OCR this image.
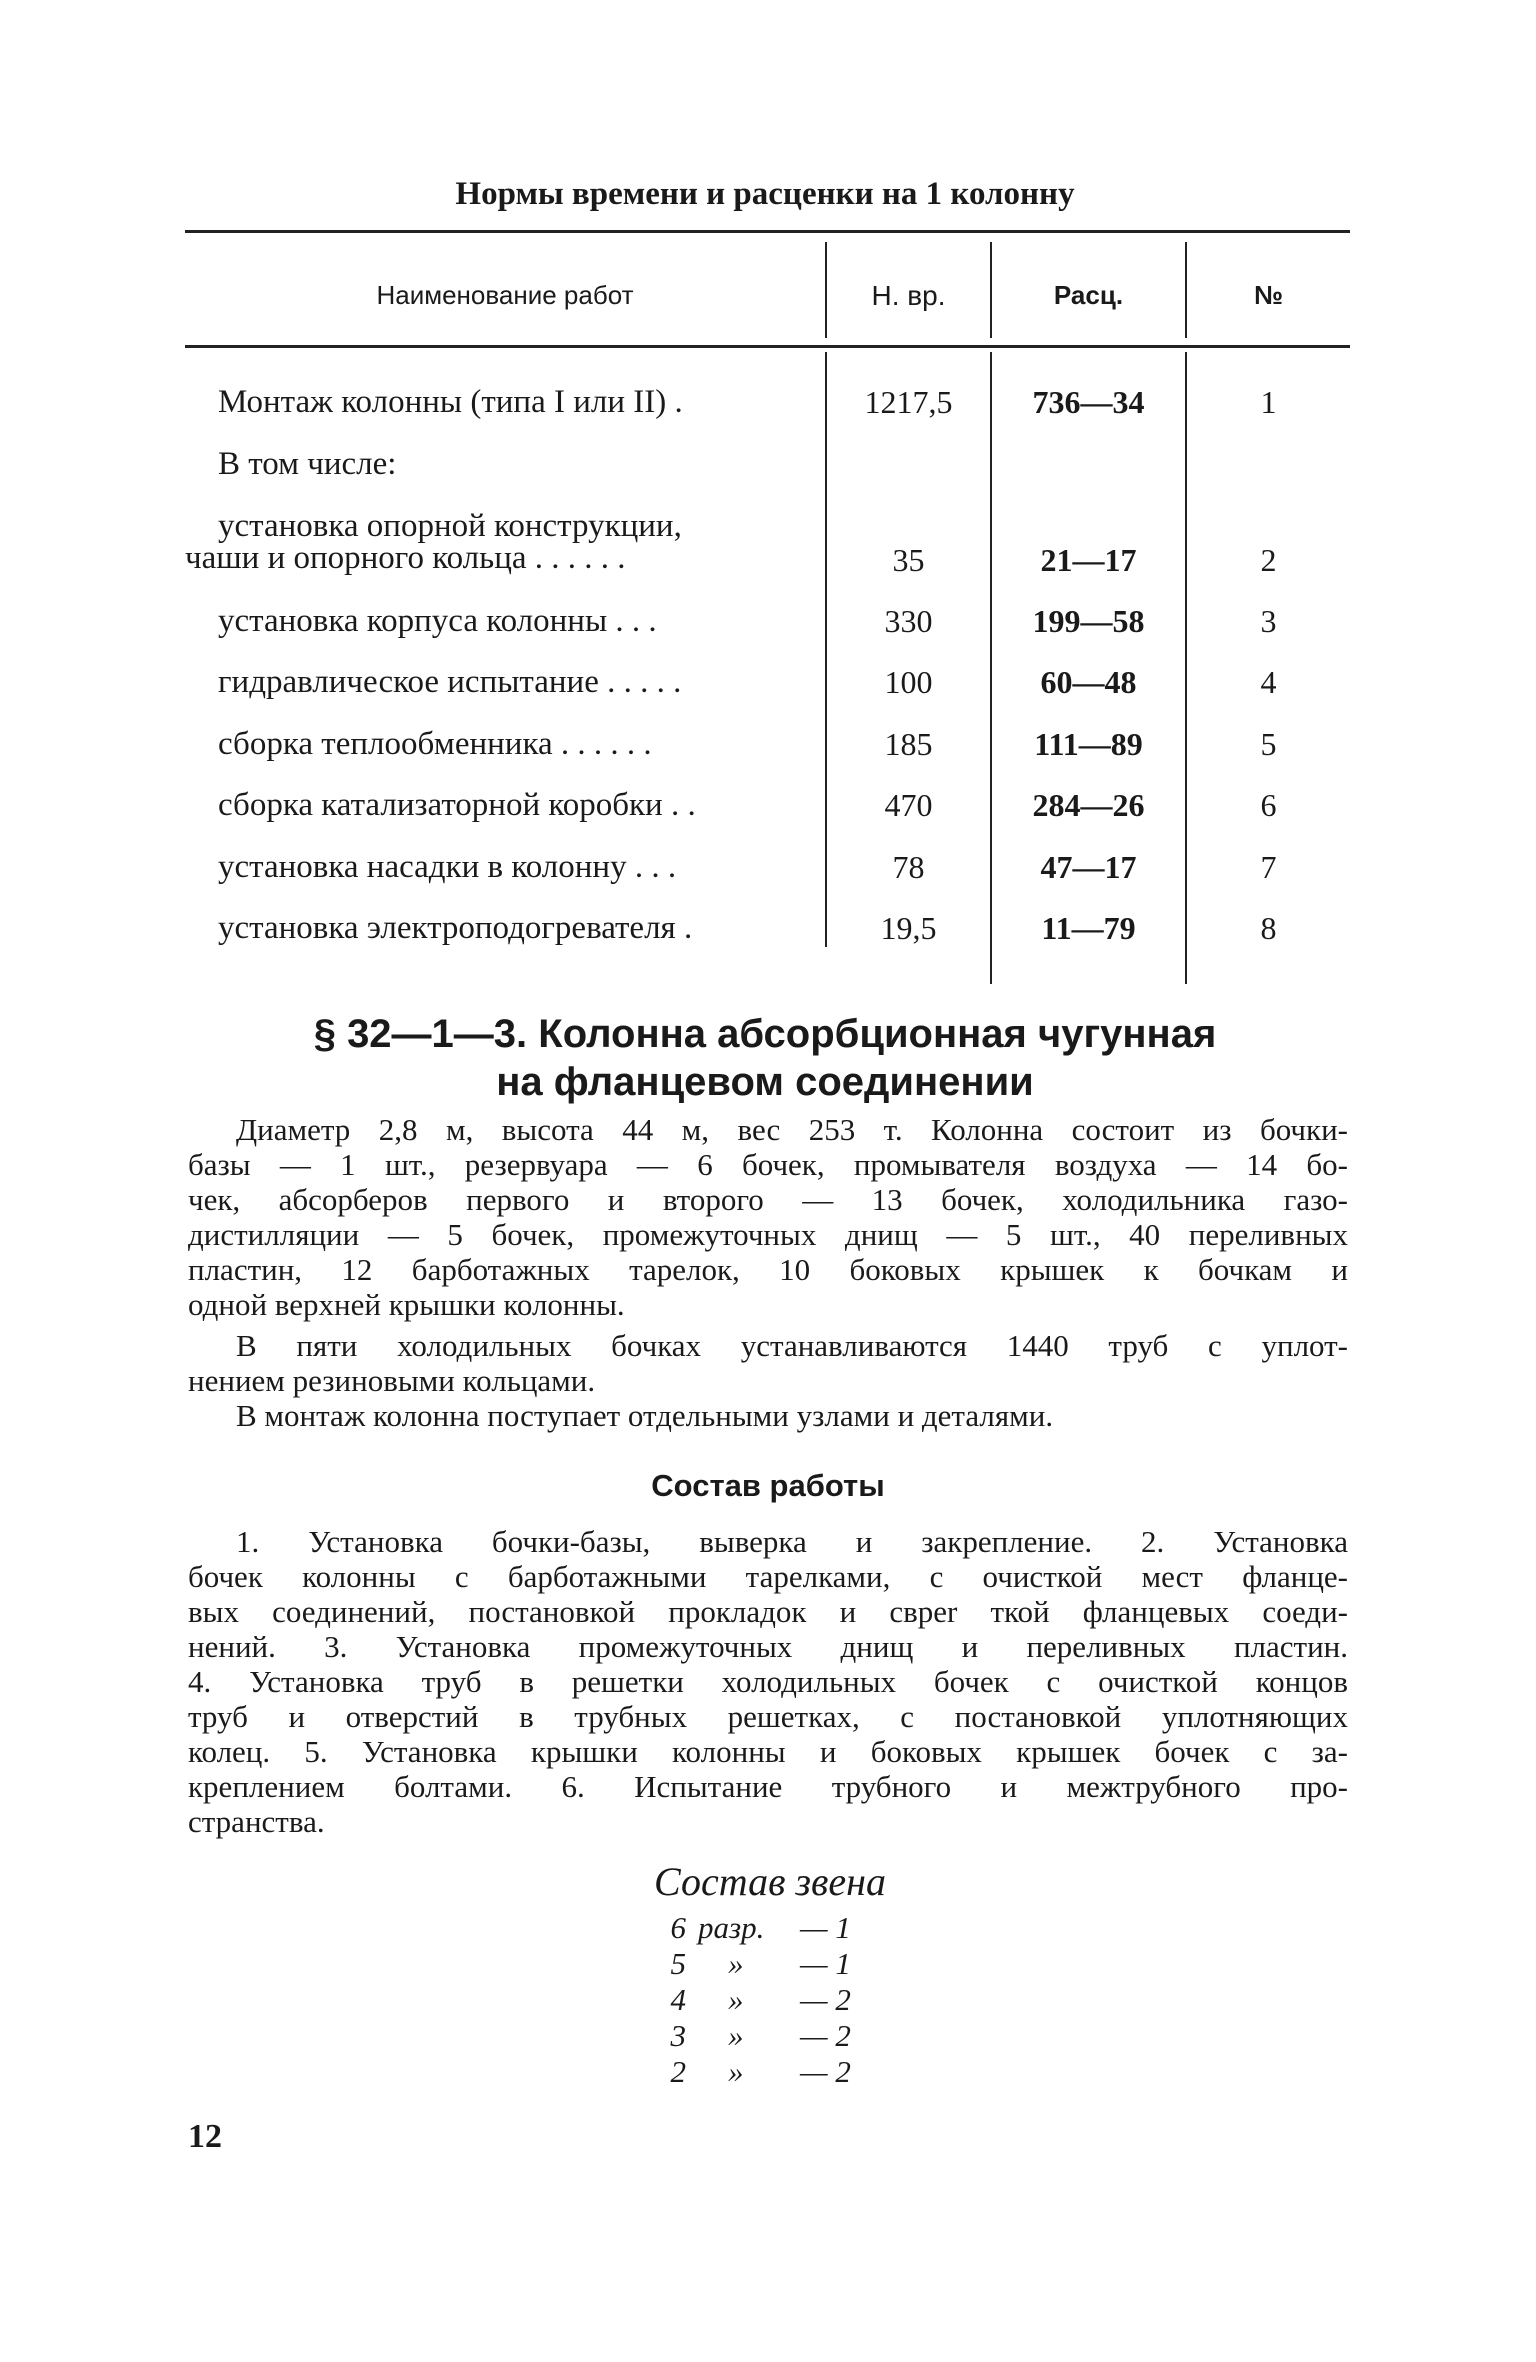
Нормы времени и расценки на 1 колонну
Наименование работ	Н. вр.	Расц.	№
Монтаж колонны (типа I или II) .	1217,5	736—34	1
В том числе:
установка опорной конструкции,
чаши и опорного кольца . . . . . .	35	21—17	2
установка корпуса колонны . . .	330	199—58	3
гидравлическое испытание . . . . .	100	60—48	4
сборка теплообменника . . . . . .	185	111—89	5
сборка катализаторной коробки . .	470	284—26	6
установка насадки в колонну . . .	78	47—17	7
установка электроподогревателя .	19,5	11—79	8
§ 32—1—3. Колонна абсорбционная чугунная
на фланцевом соединении
Диаметр 2,8 м, высота 44 м, вес 253 т. Колонна состоит из бочки-
базы — 1 шт., резервуара — 6 бочек, промывателя воздуха — 14 бо-
чек, абсорберов первого и второго — 13 бочек, холодильника газо-
дистилляции — 5 бочек, промежуточных днищ — 5 шт., 40 переливных
пластин, 12 барботажных тарелок, 10 боковых крышек к бочкам и
одной верхней крышки колонны.
В пяти холодильных бочках устанавливаются 1440 труб с уплот-
нением резиновыми кольцами.
В монтаж колонна поступает отдельными узлами и деталями.
Состав работы
1. Установка бочки-базы, выверка и закрепление. 2. Установка
бочек колонны с барботажными тарелками, с очисткой мест фланце-
вых соединений, постановкой прокладок и свper ткой фланцевых соеди-
нений. 3. Установка промежуточных днищ и переливных пластин.
4. Установка труб в решетки холодильных бочек с очисткой концов
труб и отверстий в трубных решетках, с постановкой уплотняющих
колец. 5. Установка крышки колонны и боковых крышек бочек с за-
креплением болтами. 6. Испытание трубного и межтрубного про-
странства.
Состав звена
6 разр. — 1
5 » — 1
4 » — 2
3 » — 2
2 » — 2
12
